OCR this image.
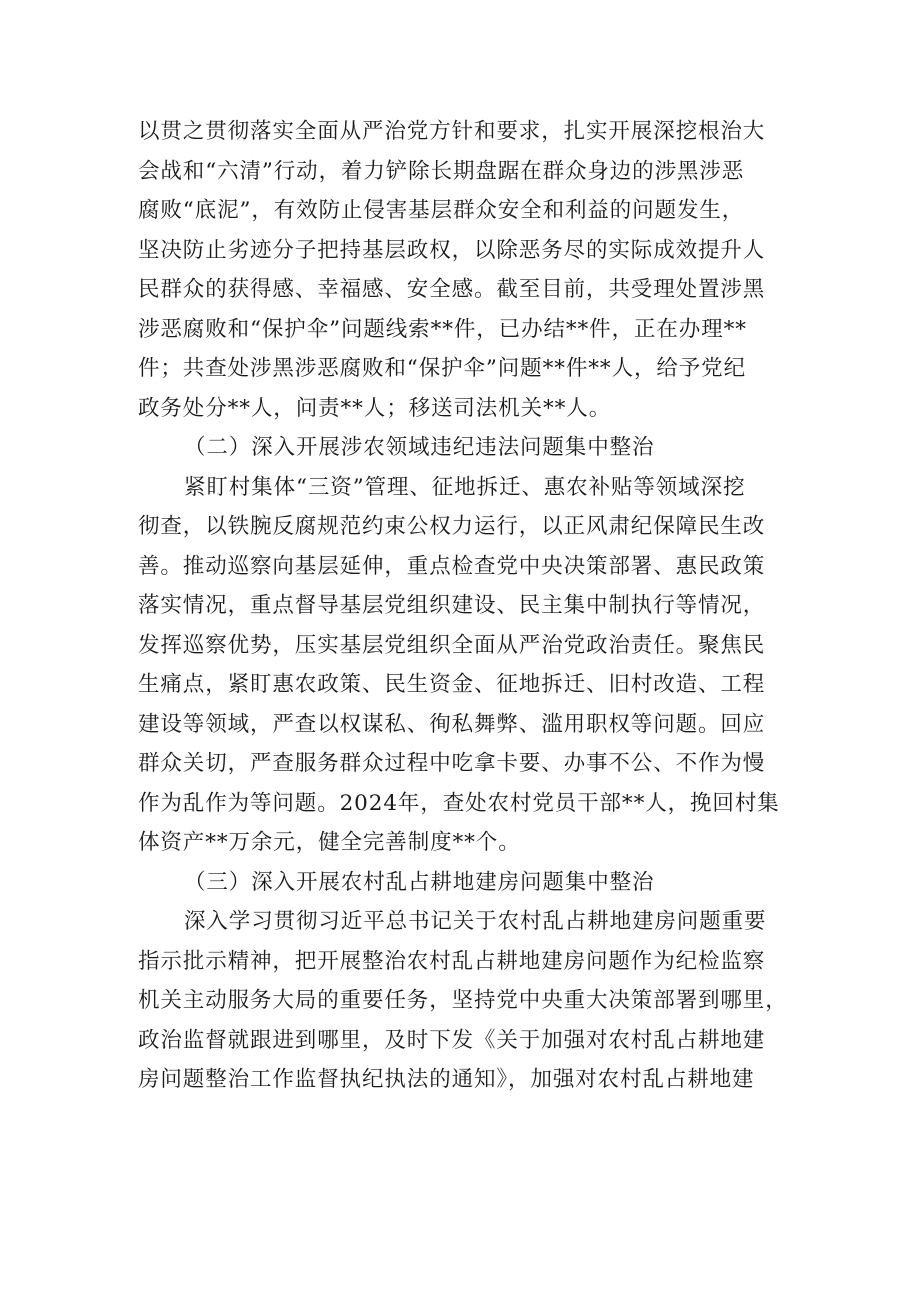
以贯之贯彻落实全面从严治党方针和要求，扎实开展深挖根治大
会战和“六清”行动，着力铲除长期盘踞在群众身边的涉黑涉恶
腐败“底泥”，有效防止侵害基层群众安全和利益的问题发生，
坚决防止劣迹分子把持基层政权，以除恶务尽的实际成效提升人
民群众的获得感、幸福感、安全感。截至目前，共受理处置涉黑
涉恶腐败和“保护伞”问题线索**件，已办结**件，正在办理**
件；共查处涉黑涉恶腐败和“保护伞”问题**件**人，给予党纪
政务处分**人，问责**人；移送司法机关**人。
（二）深入开展涉农领域违纪违法问题集中整治
紧盯村集体“三资”管理、征地拆迁、惠农补贴等领域深挖
彻查，以铁腕反腐规范约束公权力运行，以正风肃纪保障民生改
善。推动巡察向基层延伸，重点检查党中央决策部署、惠民政策
落实情况，重点督导基层党组织建设、民主集中制执行等情况，
发挥巡察优势，压实基层党组织全面从严治党政治责任。聚焦民
生痛点，紧盯惠农政策、民生资金、征地拆迁、旧村改造、工程
建设等领域，严查以权谋私、徇私舞弊、滥用职权等问题。回应
群众关切，严查服务群众过程中吃拿卡要、办事不公、不作为慢
作为乱作为等问题。2024年，查处农村党员干部**人，挽回村集
体资产**万余元，健全完善制度**个。
（三）深入开展农村乱占耕地建房问题集中整治
深入学习贯彻习近平总书记关于农村乱占耕地建房问题重要
指示批示精神，把开展整治农村乱占耕地建房问题作为纪检监察
机关主动服务大局的重要任务，坚持党中央重大决策部署到哪里，
政治监督就跟进到哪里，及时下发《关于加强对农村乱占耕地建
房问题整治工作监督执纪执法的通知》，加强对农村乱占耕地建
